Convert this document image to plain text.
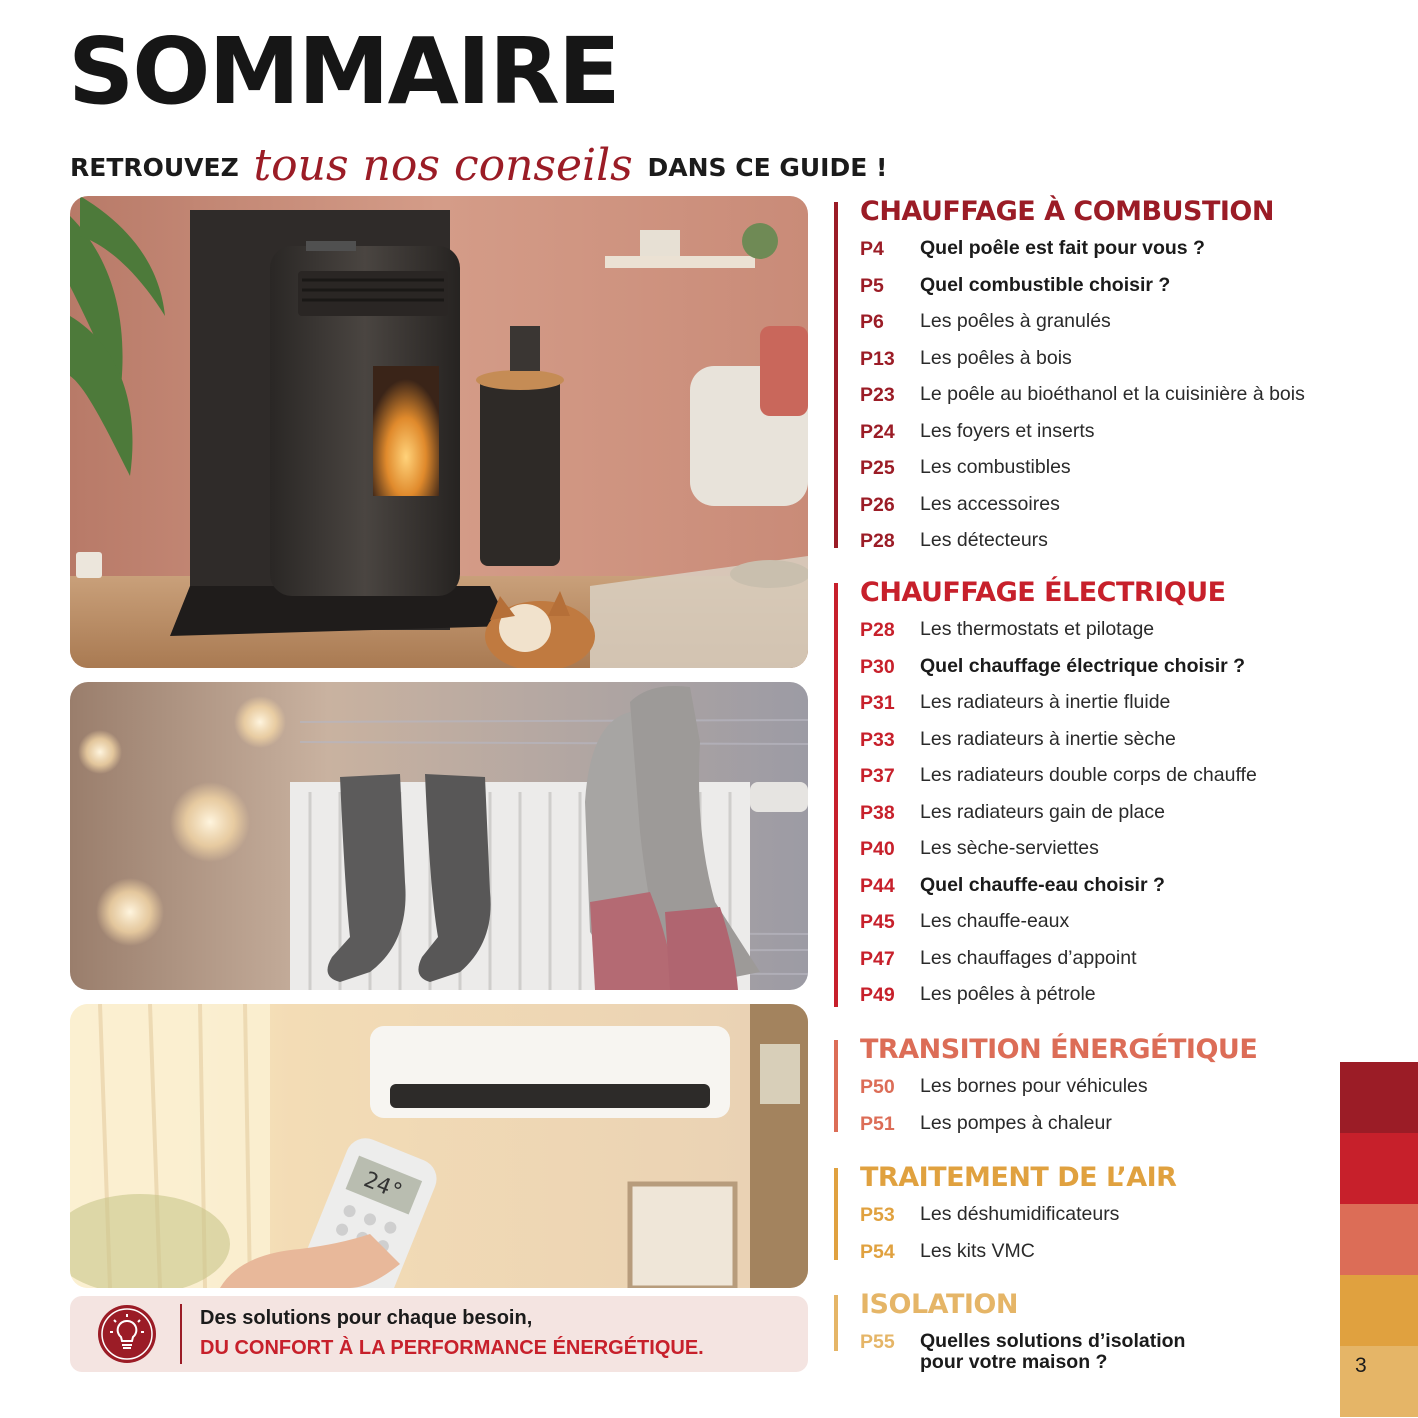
SOMMAIRE
RETROUVEZ tous nos conseils DANS CE GUIDE !
24°
Des solutions pour chaque besoin,
DU CONFORT À LA PERFORMANCE ÉNERGÉTIQUE.
CHAUFFAGE À COMBUSTION
P4 Quel poêle est fait pour vous ?
P5 Quel combustible choisir ?
P6 Les poêles à granulés
P13 Les poêles à bois
P23 Le poêle au bioéthanol et la cuisinière à bois
P24 Les foyers et inserts
P25 Les combustibles
P26 Les accessoires
P28 Les détecteurs
CHAUFFAGE ÉLECTRIQUE
P28 Les thermostats et pilotage
P30 Quel chauffage électrique choisir ?
P31 Les radiateurs à inertie fluide
P33 Les radiateurs à inertie sèche
P37 Les radiateurs double corps de chauffe
P38 Les radiateurs gain de place
P40 Les sèche-serviettes
P44 Quel chauffe-eau choisir ?
P45 Les chauffe-eaux
P47 Les chauffages d’appoint
P49 Les poêles à pétrole
TRANSITION ÉNERGÉTIQUE
P50 Les bornes pour véhicules
P51 Les pompes à chaleur
TRAITEMENT DE L’AIR
P53 Les déshumidificateurs
P54 Les kits VMC
ISOLATION
P55 Quelles solutions d’isolation
pour votre maison ?	3
